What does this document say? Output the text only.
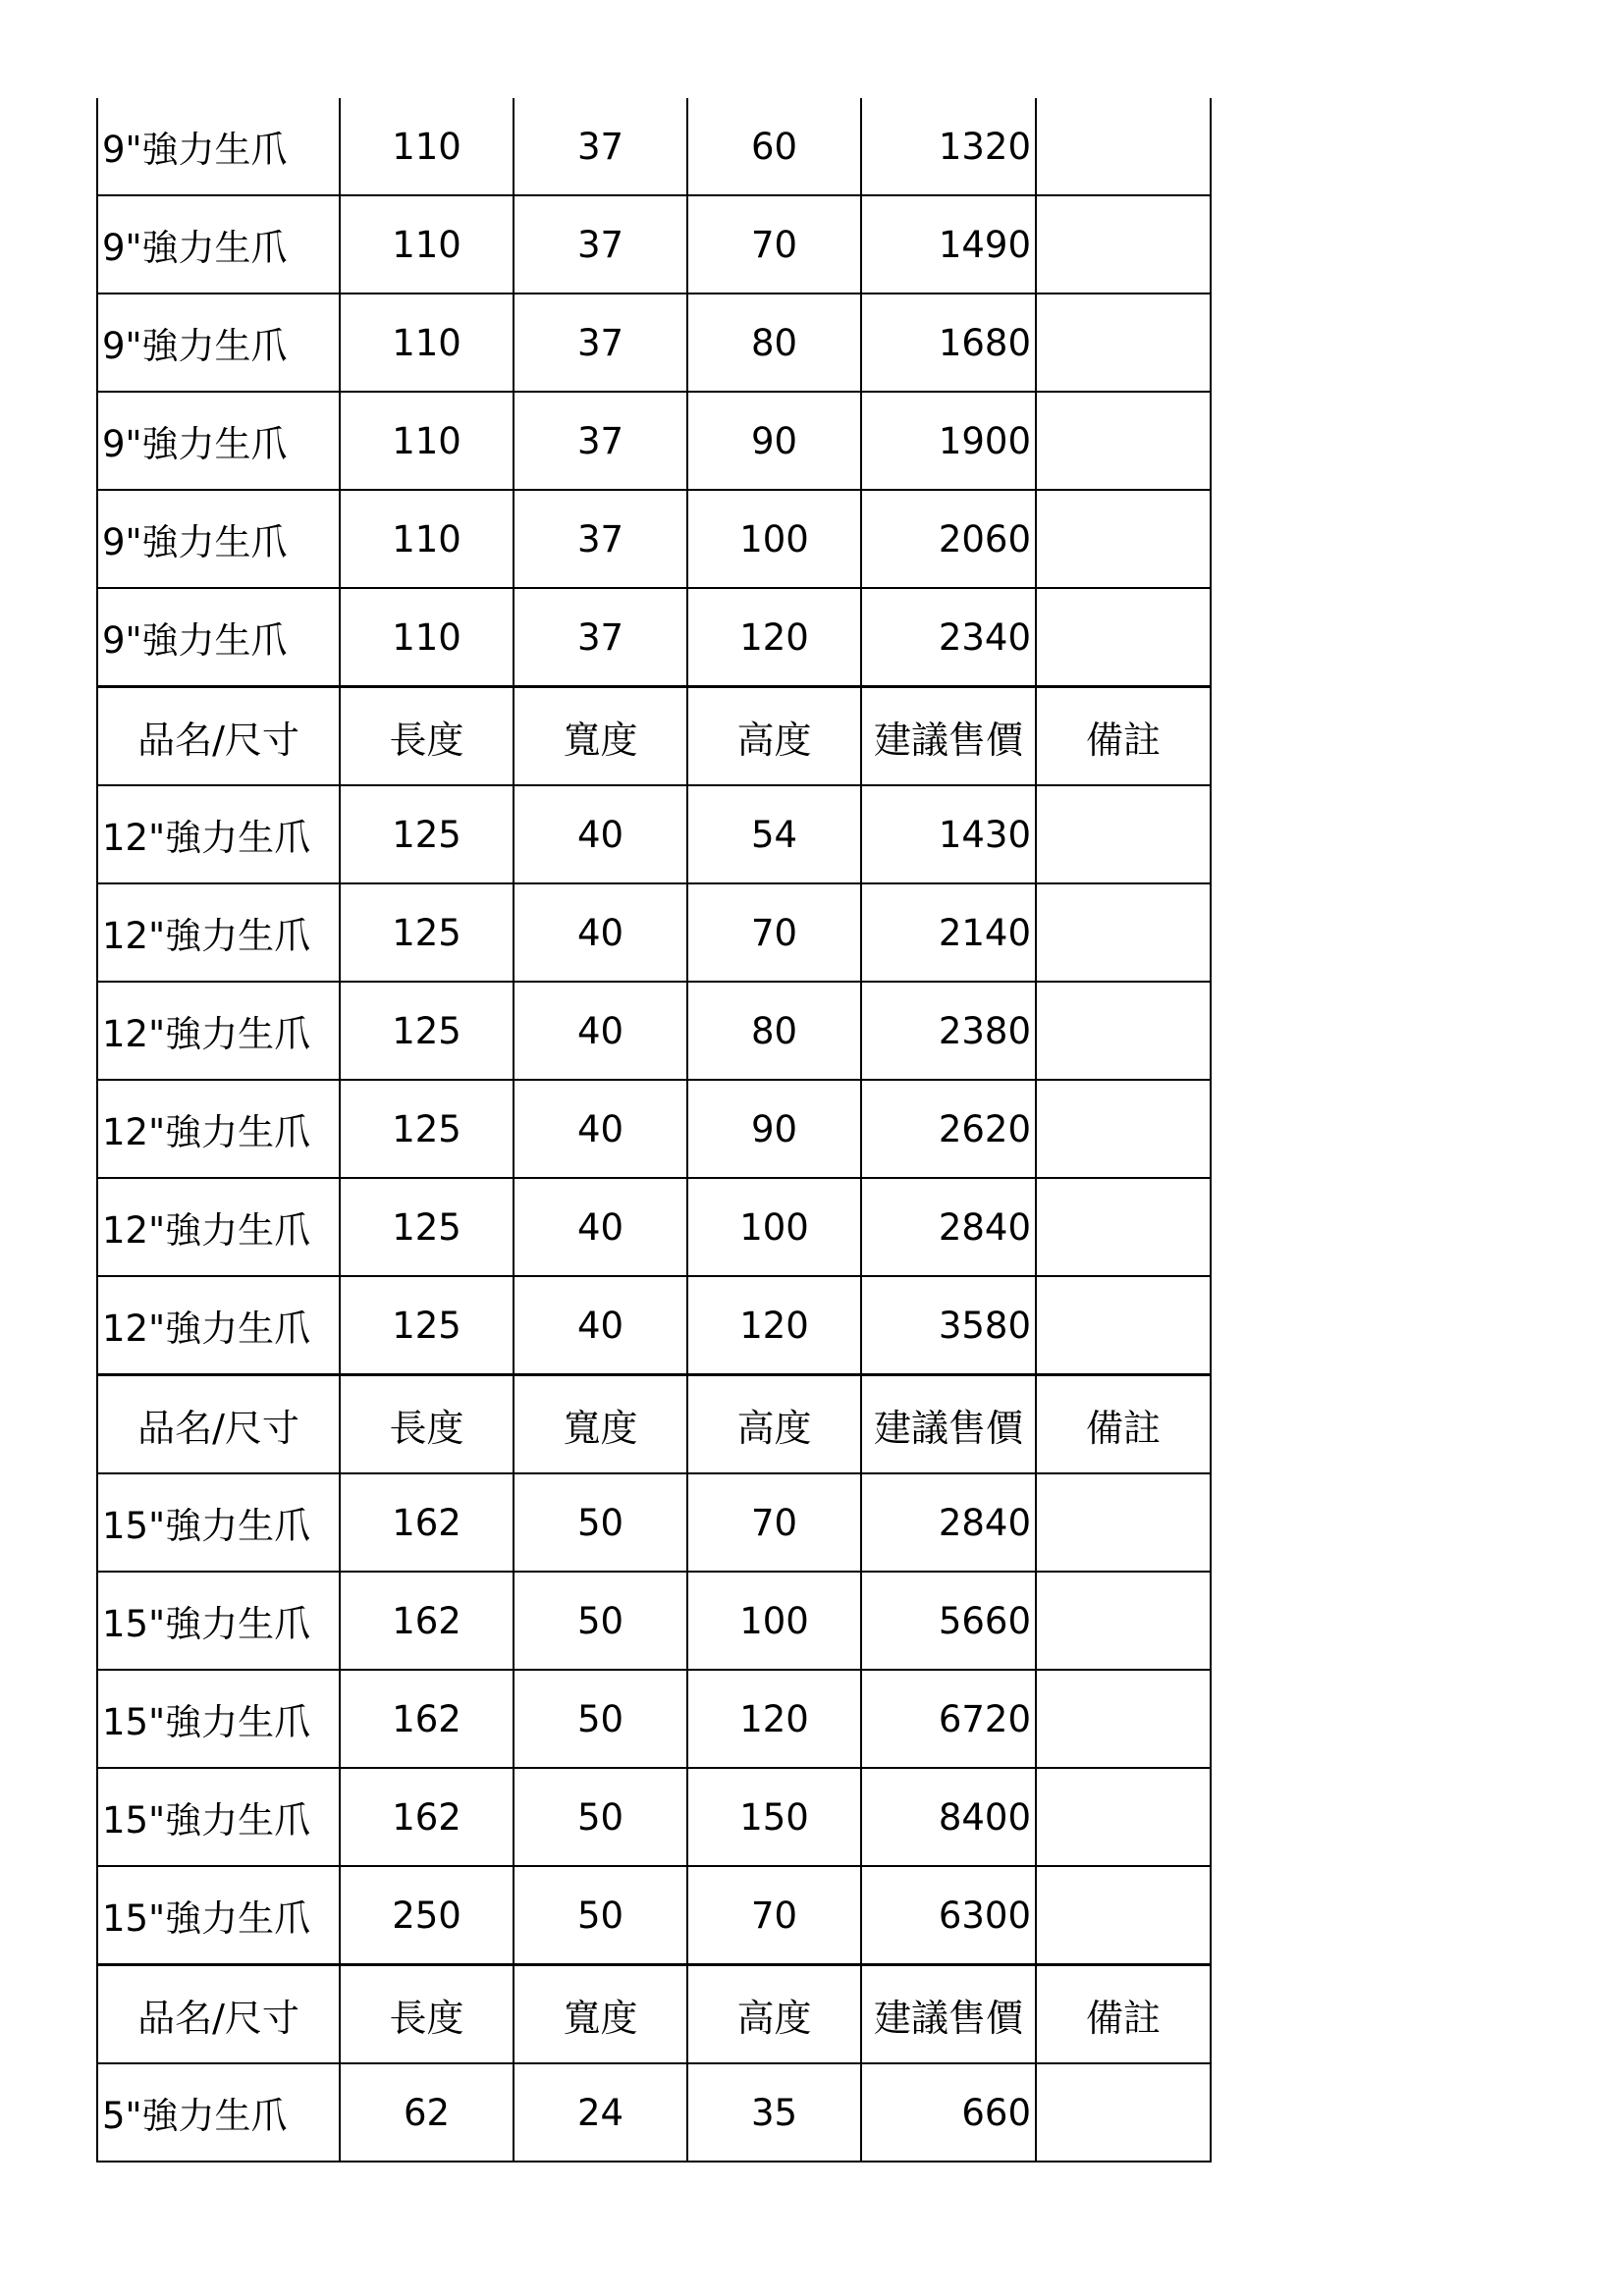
9"強力生爪	110	37	60	1320	
9"強力生爪	110	37	70	1490	
9"強力生爪	110	37	80	1680	
9"強力生爪	110	37	90	1900	
9"強力生爪	110	37	100	2060	
9"強力生爪	110	37	120	2340	
品名/尺寸	長度	寬度	高度	建議售價	備註
12"強力生爪	125	40	54	1430	
12"強力生爪	125	40	70	2140	
12"強力生爪	125	40	80	2380	
12"強力生爪	125	40	90	2620	
12"強力生爪	125	40	100	2840	
12"強力生爪	125	40	120	3580	
品名/尺寸	長度	寬度	高度	建議售價	備註
15"強力生爪	162	50	70	2840	
15"強力生爪	162	50	100	5660	
15"強力生爪	162	50	120	6720	
15"強力生爪	162	50	150	8400	
15"強力生爪	250	50	70	6300	
品名/尺寸	長度	寬度	高度	建議售價	備註
5"強力生爪	62	24	35	660	
